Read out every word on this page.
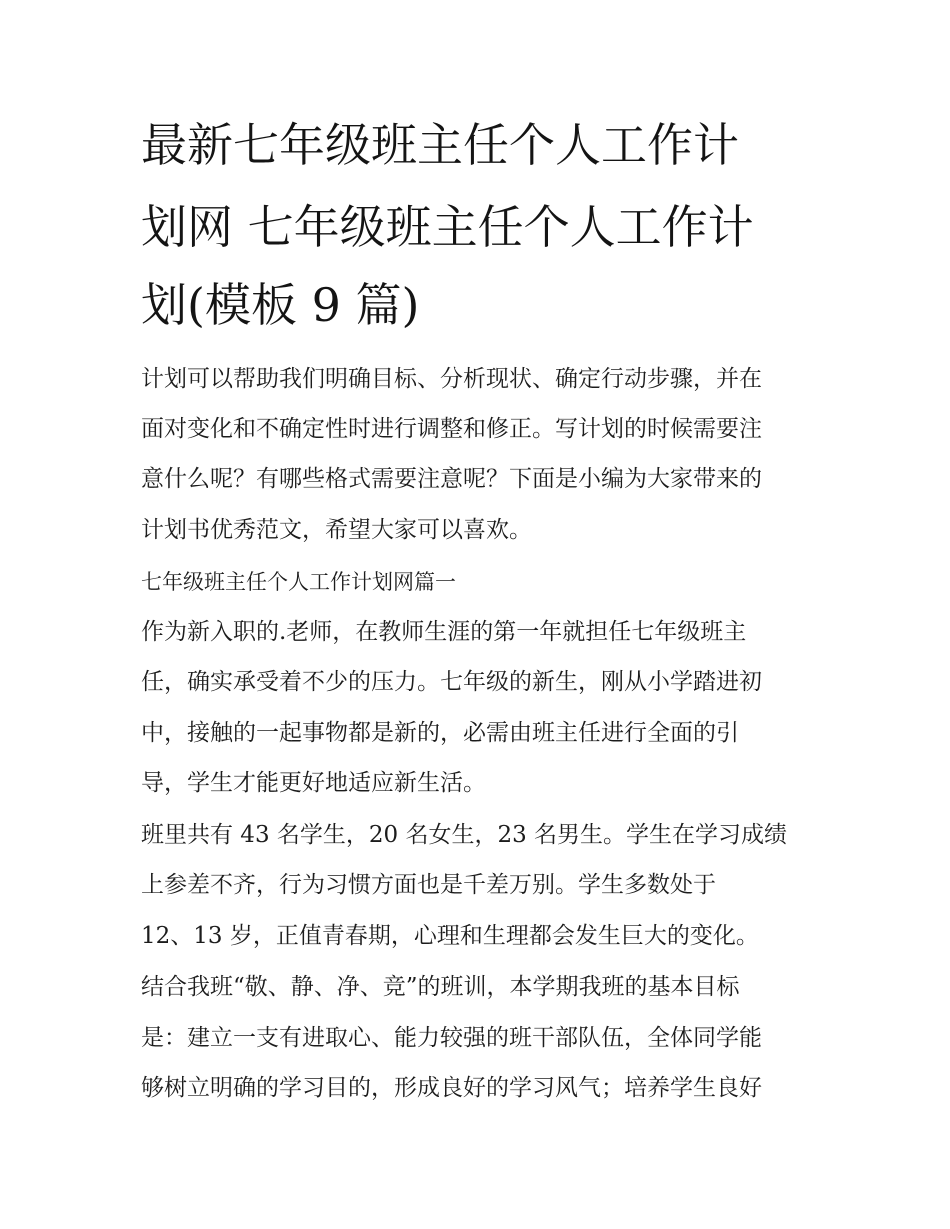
最新七年级班主任个人工作计
划网 七年级班主任个人工作计
划(模板 9 篇)
计划可以帮助我们明确目标、分析现状、确定行动步骤，并在
面对变化和不确定性时进行调整和修正。写计划的时候需要注
意什么呢？有哪些格式需要注意呢？下面是小编为大家带来的
计划书优秀范文，希望大家可以喜欢。
七年级班主任个人工作计划网篇一
作为新入职的.老师，在教师生涯的第一年就担任七年级班主
任，确实承受着不少的压力。七年级的新生，刚从小学踏进初
中，接触的一起事物都是新的，必需由班主任进行全面的引
导，学生才能更好地适应新生活。
班里共有 43 名学生，20 名女生，23 名男生。学生在学习成绩
上参差不齐，行为习惯方面也是千差万别。学生多数处于
12、13 岁，正值青春期，心理和生理都会发生巨大的变化。
结合我班“敬、静、净、竞”的班训，本学期我班的基本目标
是：建立一支有进取心、能力较强的班干部队伍，全体同学能
够树立明确的学习目的，形成良好的学习风气；培养学生良好
